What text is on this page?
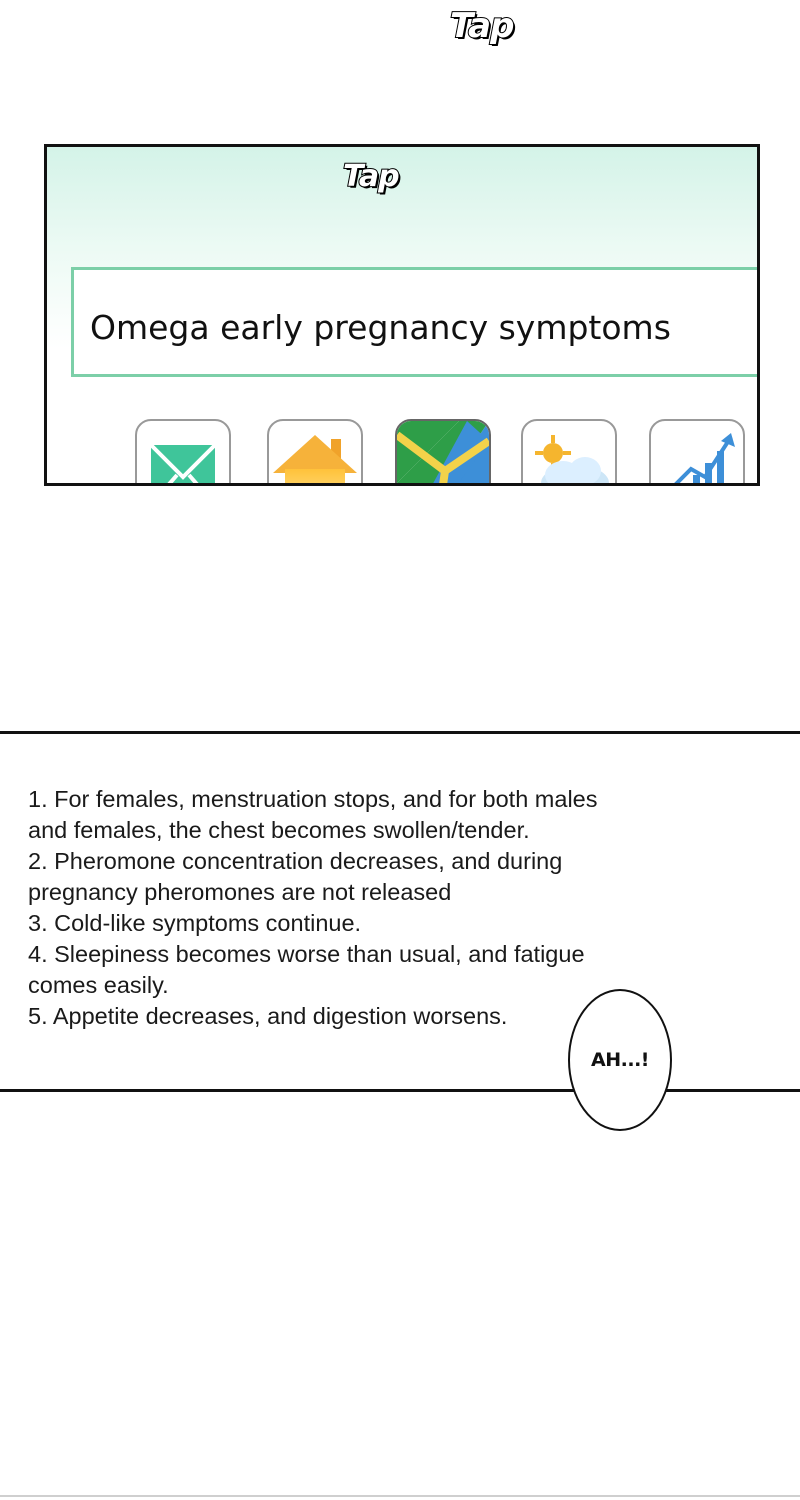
Tap
Tap
Omega early pregnancy symptoms
1. For females, menstruation stops, and for both males and females, the chest becomes swollen/tender.
2. Pheromone concentration decreases, and during pregnancy pheromones are not released
3. Cold-like symptoms continue.
4. Sleepiness becomes worse than usual, and fatigue comes easily.
5. Appetite decreases, and digestion worsens.
AH...!
